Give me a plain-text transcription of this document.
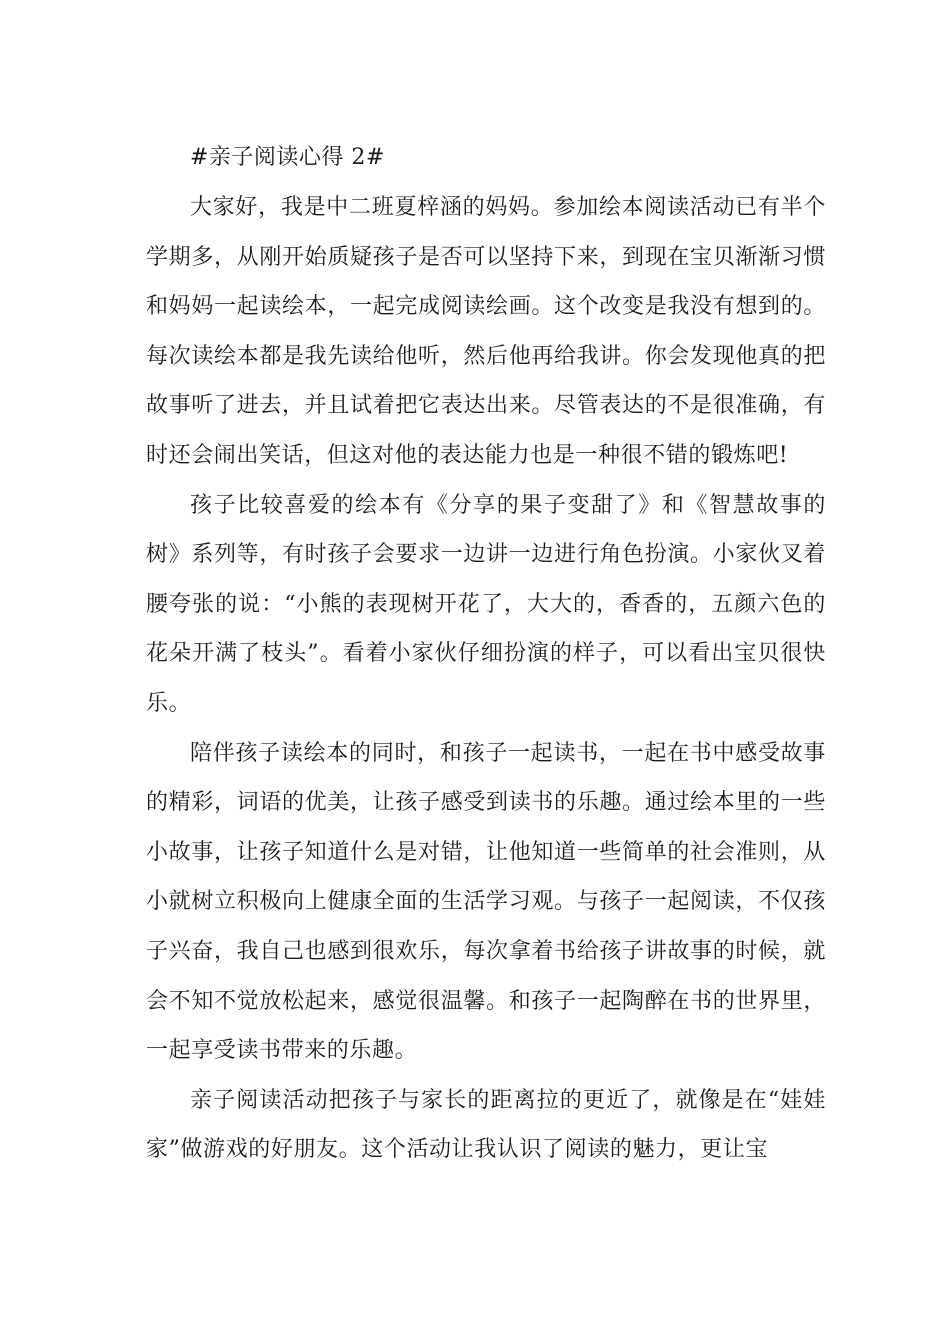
#亲子阅读心得 2#

大家好，我是中二班夏梓涵的妈妈。参加绘本阅读活动已有半个学期多，从刚开始质疑孩子是否可以坚持下来，到现在宝贝渐渐习惯和妈妈一起读绘本，一起完成阅读绘画。这个改变是我没有想到的。每次读绘本都是我先读给他听，然后他再给我讲。你会发现他真的把故事听了进去，并且试着把它表达出来。尽管表达的不是很准确，有时还会闹出笑话，但这对他的表达能力也是一种很不错的锻炼吧!

孩子比较喜爱的绘本有《分享的果子变甜了》和《智慧故事的树》系列等，有时孩子会要求一边讲一边进行角色扮演。小家伙叉着腰夸张的说：“小熊的表现树开花了，大大的，香香的，五颜六色的花朵开满了枝头”。看着小家伙仔细扮演的样子，可以看出宝贝很快乐。

陪伴孩子读绘本的同时，和孩子一起读书，一起在书中感受故事的精彩，词语的优美，让孩子感受到读书的乐趣。通过绘本里的一些小故事，让孩子知道什么是对错，让他知道一些简单的社会准则，从小就树立积极向上健康全面的生活学习观。与孩子一起阅读，不仅孩子兴奋，我自己也感到很欢乐，每次拿着书给孩子讲故事的时候，就会不知不觉放松起来，感觉很温馨。和孩子一起陶醉在书的世界里，一起享受读书带来的乐趣。

亲子阅读活动把孩子与家长的距离拉的更近了，就像是在“娃娃家”做游戏的好朋友。这个活动让我认识了阅读的魅力，更让宝
